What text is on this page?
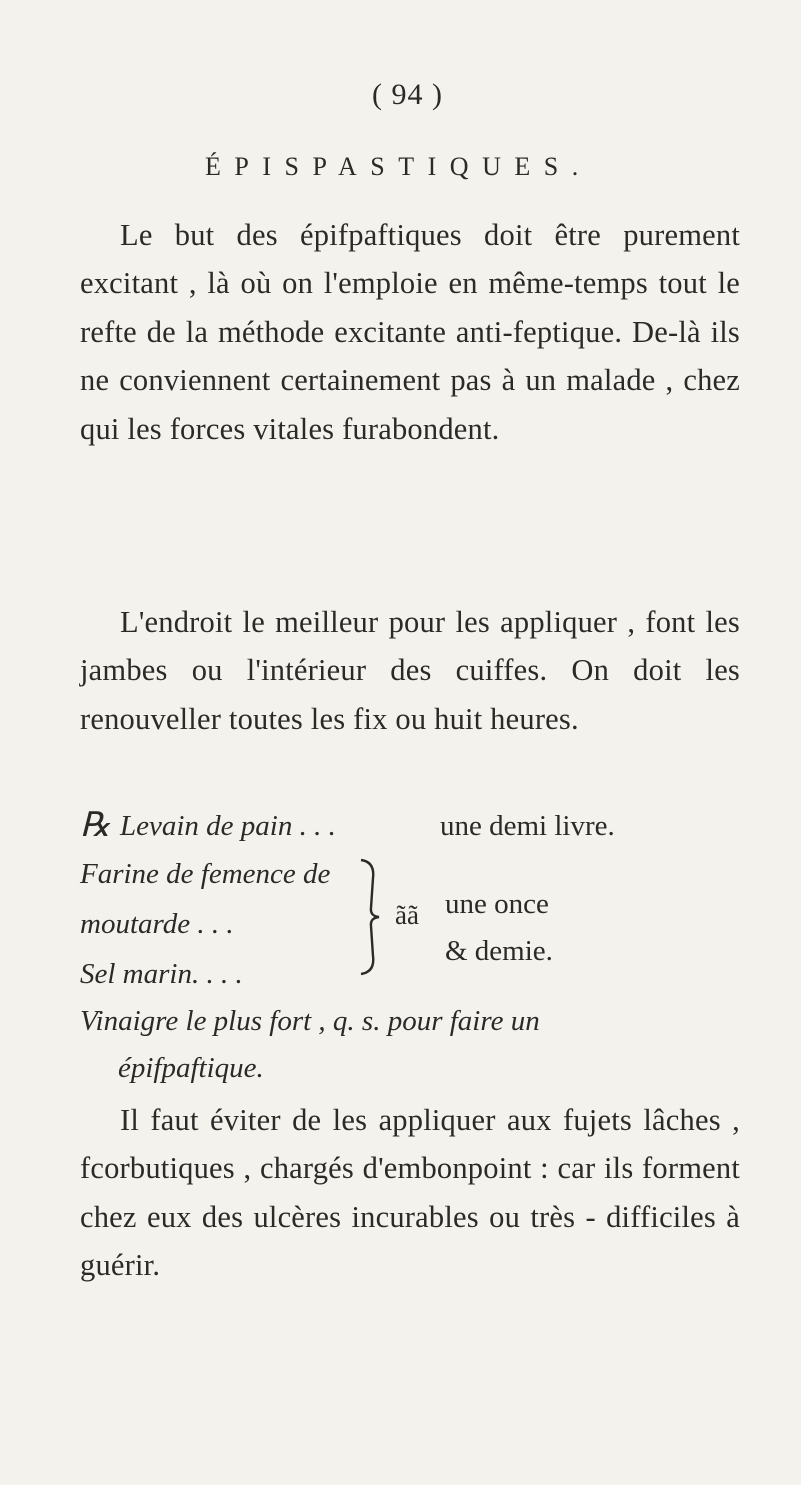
( 94 )
ÉPISPASTIQUES.

Le but des épifpaftiques doit être purement excitant , là où on l'emploie en même-temps tout le refte de la méthode excitante anti-feptique. De-là ils ne conviennent certainement pas à un malade , chez qui les forces vitales furabondent.

L'endroit le meilleur pour les appliquer , font les jambes ou l'intérieur des cuiffes. On doit les renouveller toutes les fix ou huit heures.

℞ Levain de pain . . .	une demi livre.
Farine de femence de
moutarde . . .
Sel marin. . . .
ãã une once
& demie.
Vinaigre le plus fort , q. s. pour faire un
épifpaftique.

Il faut éviter de les appliquer aux fujets lâches , fcorbutiques , chargés d'embonpoint : car ils forment chez eux des ulcères incurables ou très - difficiles à guérir.
